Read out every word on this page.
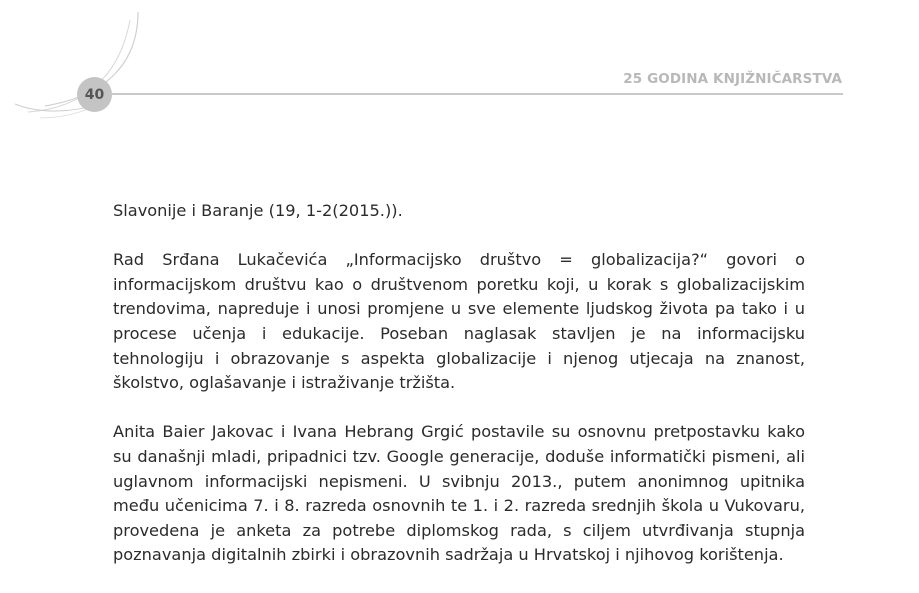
40
25 GODINA KNJIŽNIČARSTVA

Slavonije i Baranje (19, 1-2(2015.)).

Rad Srđana Lukačevića „Informacijsko društvo = globalizacija?“ govori o informacijskom društvu kao o društvenom poretku koji, u korak s globalizacijskim trendovima, napreduje i unosi promjene u sve elemente ljudskog života pa tako i u procese učenja i edukacije. Poseban naglasak stavljen je na informacijsku tehnologiju i obrazovanje s aspekta globalizacije i njenog utjecaja na znanost, školstvo, oglašavanje i istraživanje tržišta.

Anita Baier Jakovac i Ivana Hebrang Grgić postavile su osnovnu pretpostavku kako su današnji mladi, pripadnici tzv. Google generacije, doduše informatički pismeni, ali uglavnom informacijski nepismeni. U svibnju 2013., putem anonimnog upitnika među učenicima 7. i 8. razreda osnovnih te 1. i 2. razreda srednjih škola u Vukovaru, provedena je anketa za potrebe diplomskog rada, s ciljem utvrđivanja stupnja poznavanja digitalnih zbirki i obrazovnih sadržaja u Hrvatskoj i njihovog korištenja.
